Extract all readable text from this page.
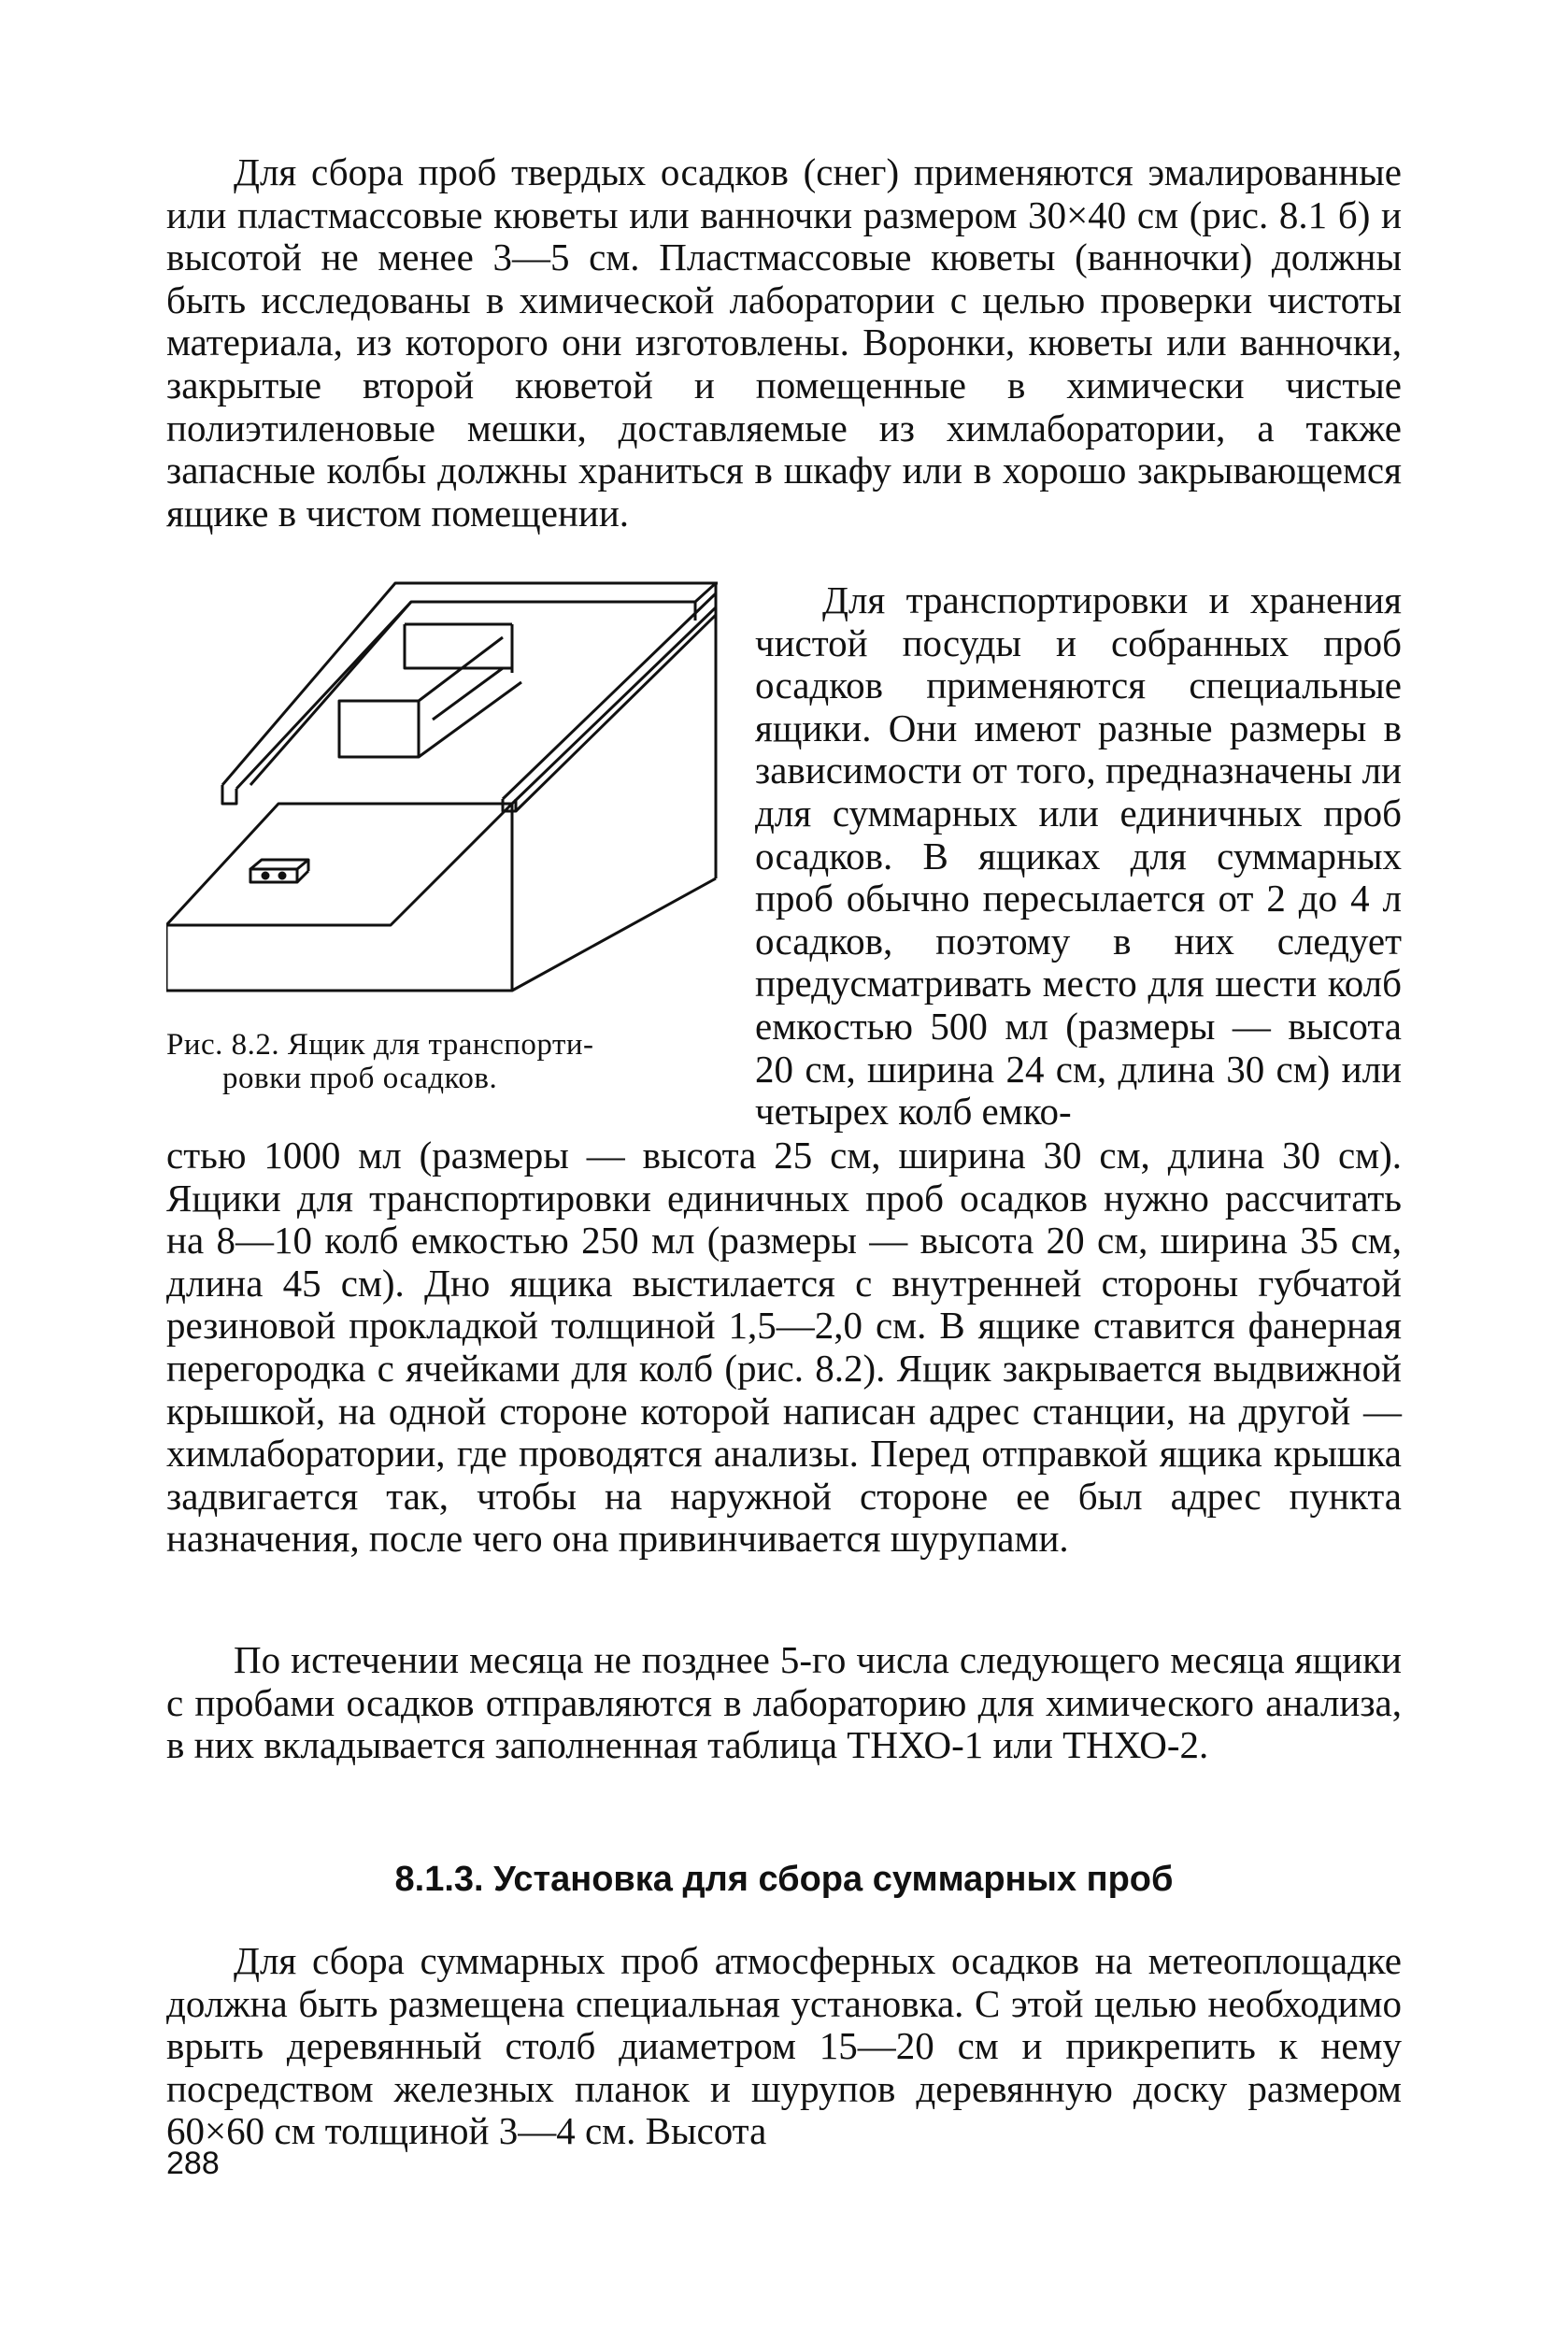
Для сбора проб твердых осадков (снег) применяются эмалированные или пластмассовые кюветы или ванночки размером 30×40 см (рис. 8.1 б) и высотой не менее 3—5 см. Пластмассовые кюветы (ванночки) должны быть исследованы в химической лаборатории с целью проверки чистоты материала, из которого они изготовлены. Воронки, кюветы или ванночки, закрытые второй кюветой и помещенные в химически чистые полиэтиленовые мешки, доставляемые из химлаборатории, а также запасные колбы должны храниться в шкафу или в хорошо закрывающемся ящике в чистом помещении.

Рис. 8.2. Ящик для транспорти-
ровки проб осадков.

Для транспортировки и хранения чистой посуды и собранных проб осадков применяются специальные ящики. Они имеют разные размеры в зависимости от того, предназначены ли для суммарных или единичных проб осадков. В ящиках для суммарных проб обычно пересылается от 2 до 4 л осадков, поэтому в них следует предусматривать место для шести колб емкостью 500 мл (размеры — высота 20 см, ширина 24 см, длина 30 см) или четырех колб емко-

стью 1000 мл (размеры — высота 25 см, ширина 30 см, длина 30 см). Ящики для транспортировки единичных проб осадков нужно рассчитать на 8—10 колб емкостью 250 мл (размеры — высота 20 см, ширина 35 см, длина 45 см). Дно ящика выстилается с внутренней стороны губчатой резиновой прокладкой толщиной 1,5—2,0 см. В ящике ставится фанерная перегородка с ячейками для колб (рис. 8.2). Ящик закрывается выдвижной крышкой, на одной стороне которой написан адрес станции, на другой — химлаборатории, где проводятся анализы. Перед отправкой ящика крышка задвигается так, чтобы на наружной стороне ее был адрес пункта назначения, после чего она привинчивается шурупами.

По истечении месяца не позднее 5-го числа следующего месяца ящики с пробами осадков отправляются в лабораторию для химического анализа, в них вкладывается заполненная таблица ТНХО-1 или ТНХО-2.

8.1.3. Установка для сбора суммарных проб

Для сбора суммарных проб атмосферных осадков на метеоплощадке должна быть размещена специальная установка. С этой целью необходимо врыть деревянный столб диаметром 15—20 см и прикрепить к нему посредством железных планок и шурупов деревянную доску размером 60×60 см толщиной 3—4 см. Высота

288
